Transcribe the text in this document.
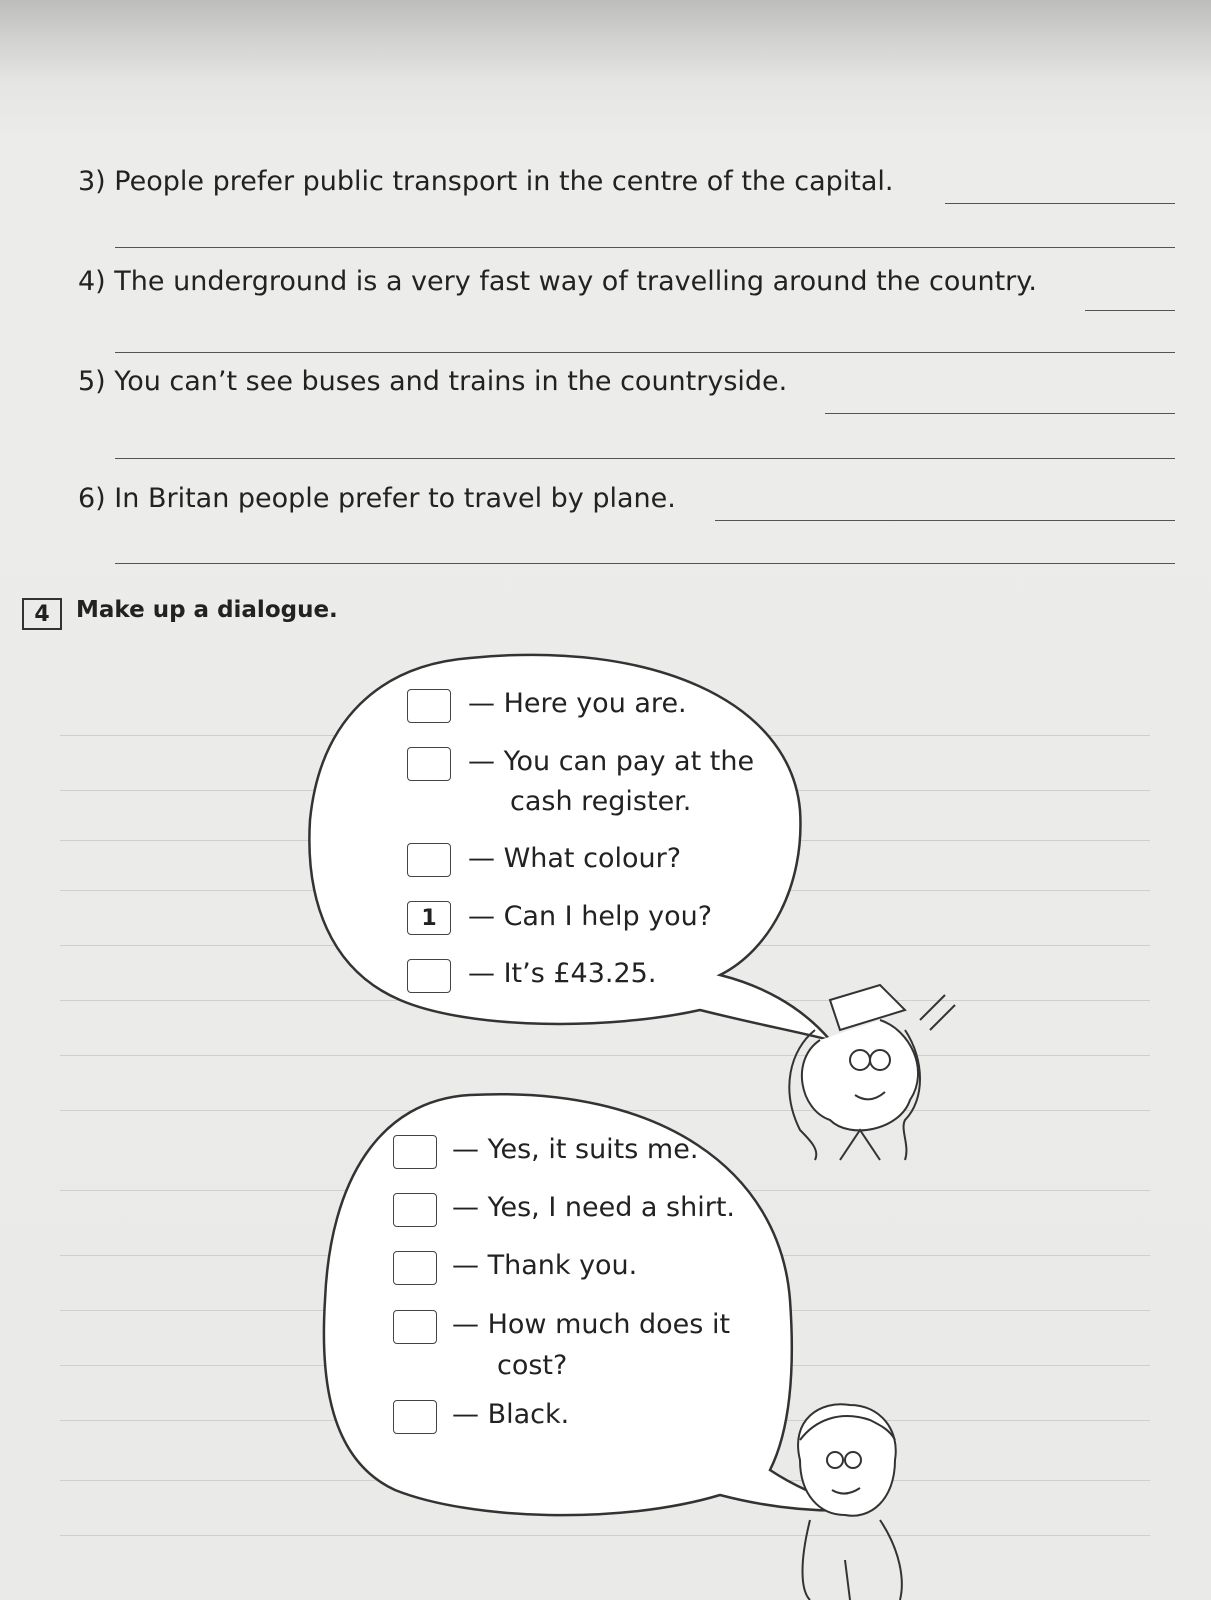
3) People prefer public transport in the centre of the capital.
4) The underground is a very fast way of travelling around the country.
5) You can’t see buses and trains in the countryside.
6) In Britan people prefer to travel by plane.
4	Make up a dialogue.
— Here you are.
— You can pay at the
cash register.
— What colour?
1	— Can I help you?
— It’s £43.25.
— Yes, it suits me.
— Yes, I need a shirt.
— Thank you.
— How much does it
cost?
— Black.
